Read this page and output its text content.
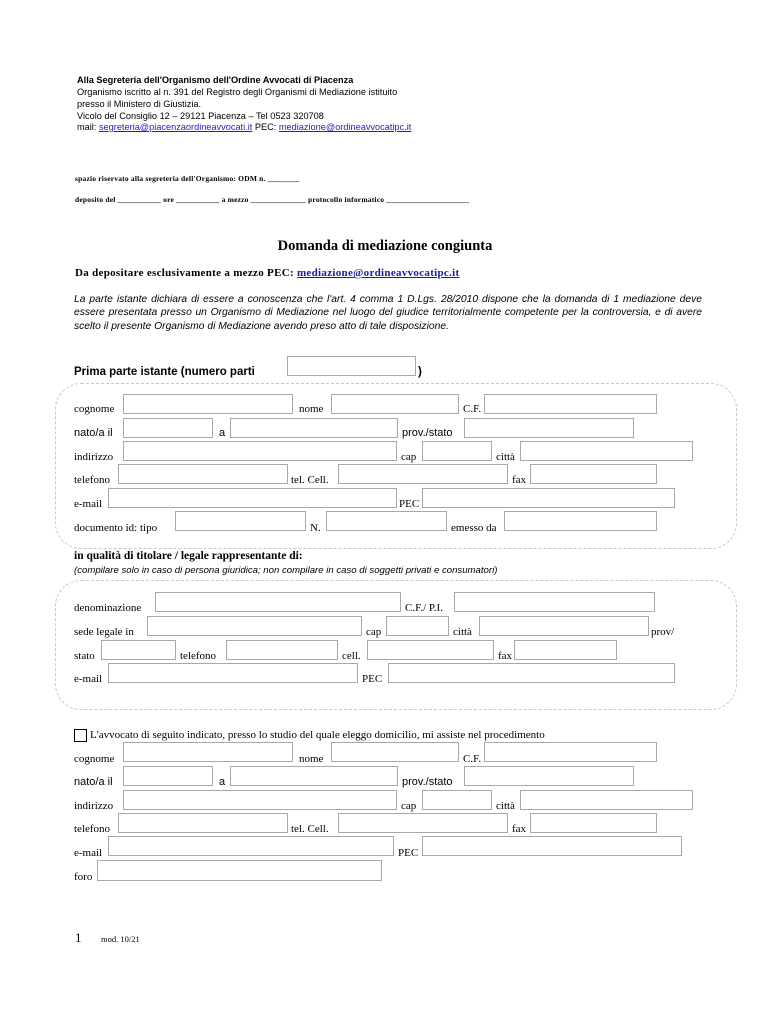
Alla Segreteria dell'Organismo dell'Ordine Avvocati di Piacenza
Organismo iscritto al n. 391 del Registro degli Organismi di Mediazione istituito
presso il Ministero di Giustizia.
Vicolo del Consiglio 12 – 29121 Piacenza – Tel 0523 320708
mail: segreteria@piacenzaordineavvocati.it PEC: mediazione@ordineavvocatipc.it
spazio riservato alla segreteria dell'Organismo: ODM n. ________
deposito del ___________ ore ___________ a mezzo ______________ protocollo informatico _____________________
Domanda di mediazione congiunta
Da depositare esclusivamente a mezzo PEC: mediazione@ordineavvocatipc.it
La parte istante dichiara di essere a conoscenza che l'art. 4 comma 1 D.Lgs. 28/2010 dispone che la domanda di 1 mediazione deve essere presentata presso un Organismo di Mediazione nel luogo del giudice territorialmente competente per la controversia, e di avere scelto il presente Organismo di Mediazione avendo preso atto di tale disposizione.
Prima parte istante (numero parti	)
cognome	nome	C.F.
nato/a il	a	prov./stato
indirizzo	cap	città
telefono	tel. Cell.	fax
e-mail	PEC
documento id: tipo	N.	emesso da
in qualità di titolare / legale rappresentante di:
(compilare solo in caso di persona giuridica; non compilare in caso di soggetti privati e consumatori)
denominazione	C.F./ P.I.
sede legale in	cap	città	prov/
stato	telefono	cell.	fax
e-mail	PEC
L'avvocato di seguito indicato, presso lo studio del quale eleggo domicilio, mi assiste nel procedimento
cognome	nome	C.F.
nato/a il	a	prov./stato
indirizzo	cap	città
telefono	tel. Cell.	fax
e-mail	PEC
foro
1 mod. 10/21
